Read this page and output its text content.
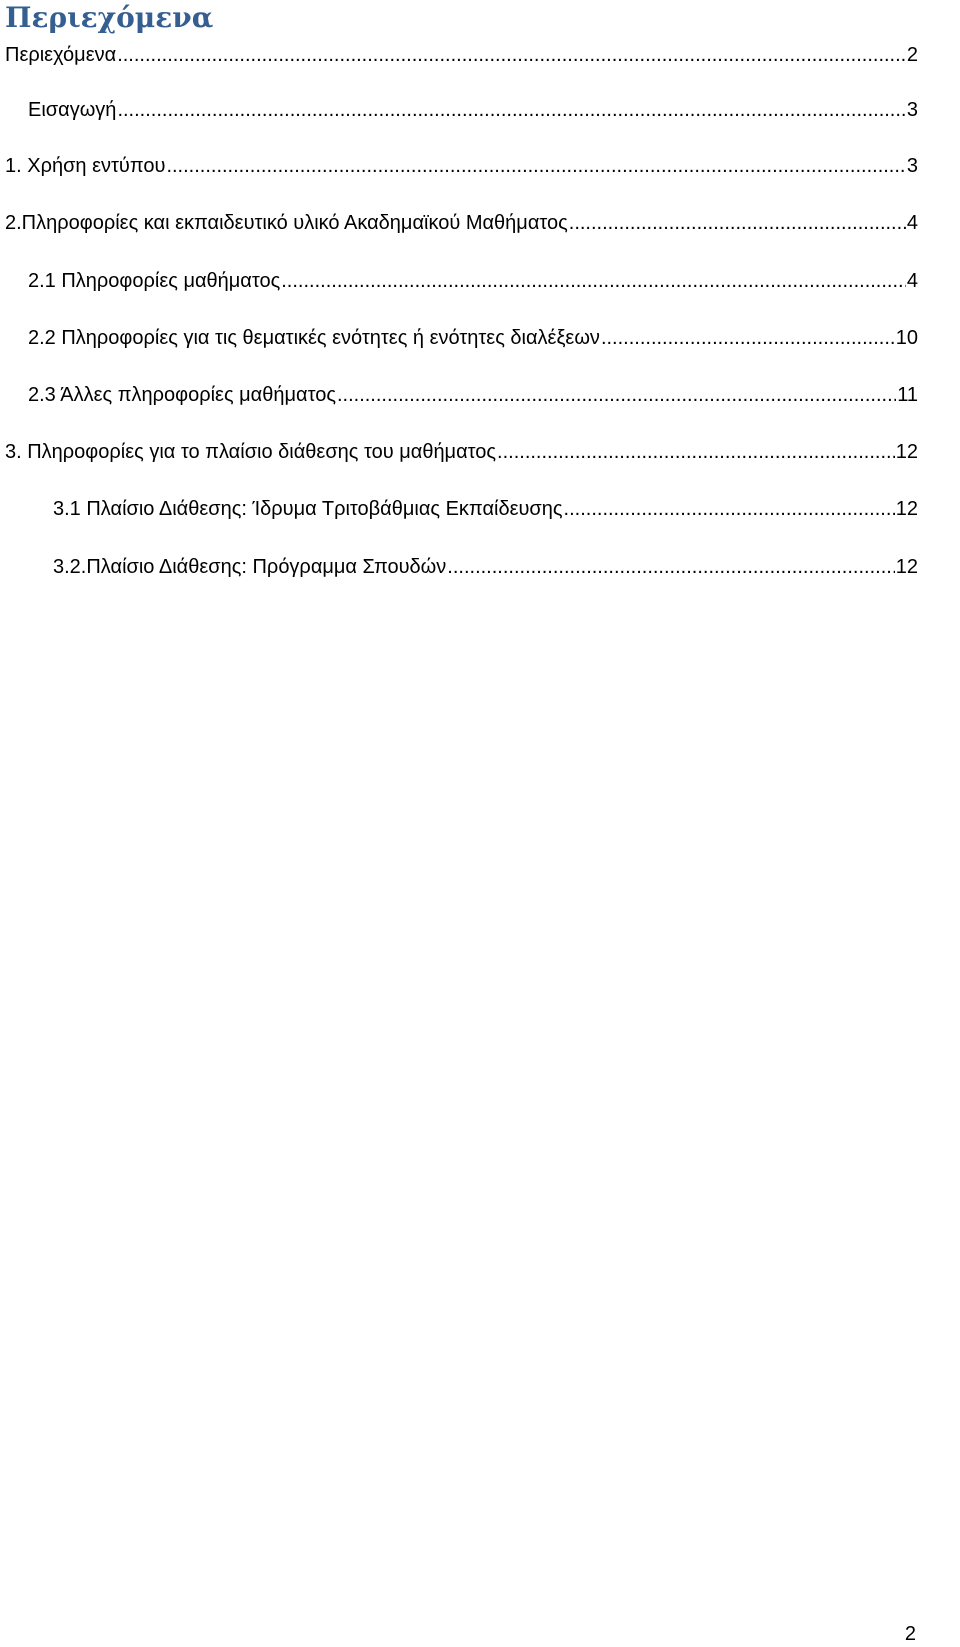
Περιεχόμενα
Περιεχόμενα .....	2
Εισαγωγή .....	3
1. Χρήση εντύπου .....	3
2.Πληροφορίες και εκπαιδευτικό υλικό Ακαδημαϊκού Μαθήματος .....	4
2.1 Πληροφορίες μαθήματος .....	4
2.2 Πληροφορίες για τις θεματικές ενότητες ή ενότητες διαλέξεων .....	10
2.3 Άλλες πληροφορίες μαθήματος .....	11
3. Πληροφορίες για το πλαίσιο διάθεσης του μαθήματος .....	12
3.1 Πλαίσιο Διάθεσης: Ίδρυμα Τριτοβάθμιας Εκπαίδευσης .....	12
3.2.Πλαίσιο Διάθεσης: Πρόγραμμα Σπουδών .....	12
2
